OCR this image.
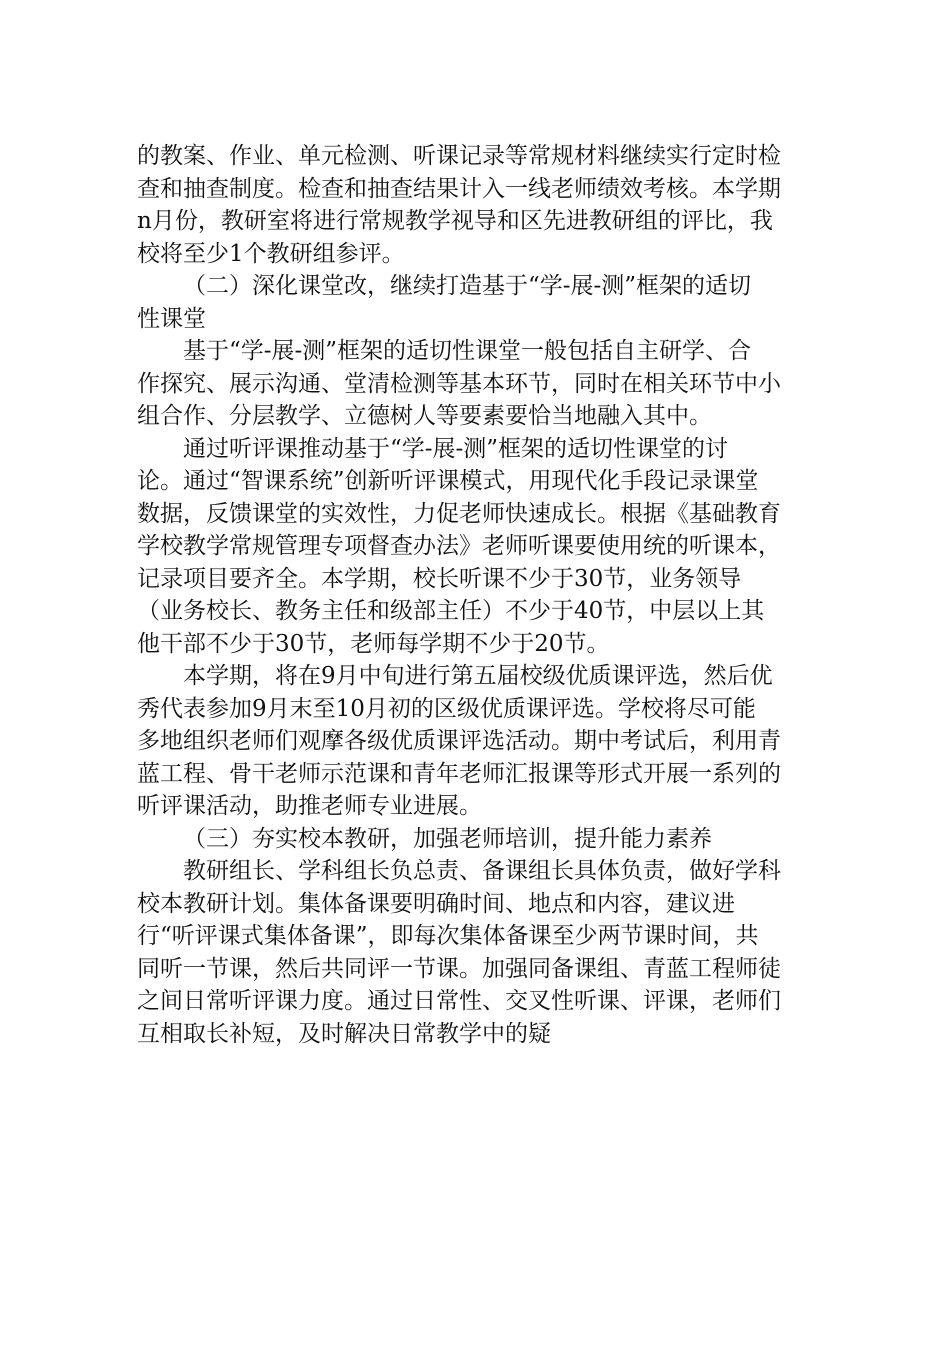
的教案、作业、单元检测、听课记录等常规材料继续实行定时检
查和抽查制度。检查和抽查结果计入一线老师绩效考核。本学期
n月份，教研室将进行常规教学视导和区先进教研组的评比，我
校将至少1个教研组参评。

（二）深化课堂改，继续打造基于“学-展-测”框架的适切
性课堂

基于“学-展-测”框架的适切性课堂一般包括自主研学、合
作探究、展示沟通、堂清检测等基本环节，同时在相关环节中小
组合作、分层教学、立德树人等要素要恰当地融入其中。

通过听评课推动基于“学-展-测”框架的适切性课堂的讨
论。通过“智课系统”创新听评课模式，用现代化手段记录课堂
数据，反馈课堂的实效性，力促老师快速成长。根据《基础教育
学校教学常规管理专项督查办法》老师听课要使用统的听课本，
记录项目要齐全。本学期，校长听课不少于30节，业务领导
（业务校长、教务主任和级部主任）不少于40节，中层以上其
他干部不少于30节，老师每学期不少于20节。

本学期，将在9月中旬进行第五届校级优质课评选，然后优
秀代表参加9月末至10月初的区级优质课评选。学校将尽可能
多地组织老师们观摩各级优质课评选活动。期中考试后，利用青
蓝工程、骨干老师示范课和青年老师汇报课等形式开展一系列的
听评课活动，助推老师专业进展。

（三）夯实校本教研，加强老师培训，提升能力素养

教研组长、学科组长负总责、备课组长具体负责，做好学科
校本教研计划。集体备课要明确时间、地点和内容，建议进
行“听评课式集体备课”，即每次集体备课至少两节课时间，共
同听一节课，然后共同评一节课。加强同备课组、青蓝工程师徒
之间日常听评课力度。通过日常性、交叉性听课、评课，老师们
互相取长补短，及时解决日常教学中的疑
